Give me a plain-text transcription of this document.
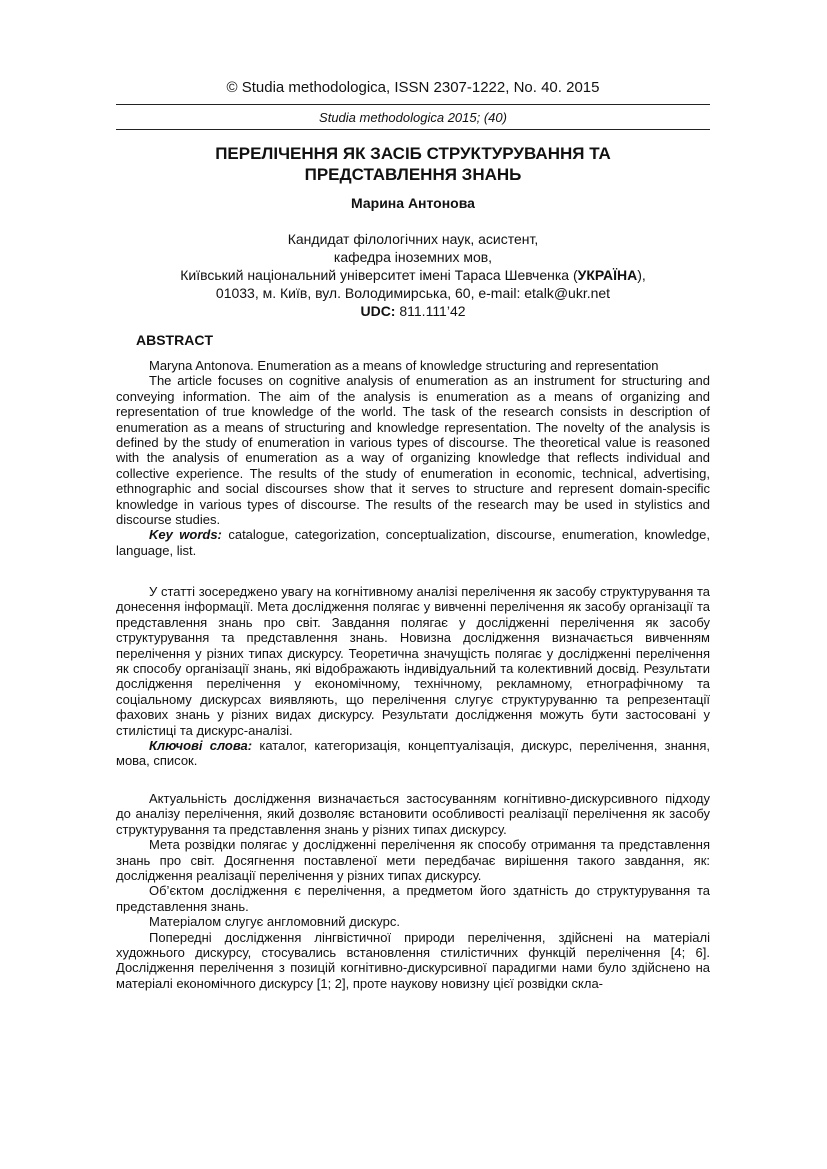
© Studia methodologica, ISSN 2307-1222, No. 40. 2015
Studia methodologica 2015; (40)
ПЕРЕЛІЧЕННЯ ЯК ЗАСІБ СТРУКТУРУВАННЯ ТА
ПРЕДСТАВЛЕННЯ ЗНАНЬ
Марина Антонова
Кандидат філологічних наук, асистент,
кафедра іноземних мов,
Київський національний університет імені Тараса Шевченка (УКРАЇНА),
01033, м. Київ, вул. Володимирська, 60, e-mail: etalk@ukr.net
UDC: 811.111’42
ABSTRACT

Maryna Antonova. Enumeration as a means of knowledge structuring and representation

The article focuses on cognitive analysis of enumeration as an instrument for structuring and conveying information. The aim of the analysis is enumeration as a means of organizing and representation of true knowledge of the world. The task of the research consists in description of enumeration as a means of structuring and knowledge representation. The novelty of the analysis is defined by the study of enumeration in various types of discourse. The theoretical value is reasoned with the analysis of enumeration as a way of organizing knowledge that reflects individual and collective experience. The results of the study of enumeration in economic, technical, advertising, ethnographic and social discourses show that it serves to structure and represent domain-specific knowledge in various types of discourse. The results of the research may be used in stylistics and discourse studies.

Key words: catalogue, categorization, conceptualization, discourse, enumeration, knowledge, language, list.

У статті зосереджено увагу на когнітивному аналізі перелічення як засобу структурування та донесення інформації. Мета дослідження полягає у вивченні перелічення як засобу організації та представлення знань про світ. Завдання полягає у дослідженні перелічення як засобу структурування та представлення знань. Новизна дослідження визначається вивченням перелічення у різних типах дискурсу. Теоретична значущість полягає у дослідженні перелічення як способу організації знань, які відображають індивідуальний та колективний досвід. Результати дослідження перелічення у економічному, технічному, рекламному, етнографічному та соціальному дискурсах виявляють, що перелічення слугує структуруванню та репрезентації фахових знань у різних видах дискурсу. Результати дослідження можуть бути застосовані у стилістиці та дискурс-аналізі.

Ключові слова: каталог, категоризація, концептуалізація, дискурс, перелічення, знання, мова, список.

Актуальність дослідження визначається застосуванням когнітивно-дискурсивного підходу до аналізу перелічення, який дозволяє встановити особливості реалізації перелічення як засобу структурування та представлення знань у різних типах дискурсу.

Мета розвідки полягає у дослідженні перелічення як способу отримання та представлення знань про світ. Досягнення поставленої мети передбачає вирішення такого завдання, як: дослідження реалізації перелічення у різних типах дискурсу.

Об’єктом дослідження є перелічення, а предметом його здатність до структурування та представлення знань.

Матеріалом слугує англомовний дискурс.

Попередні дослідження лінгвістичної природи перелічення, здійснені на матеріалі художнього дискурсу, стосувались встановлення стилістичних функцій перелічення [4; 6]. Дослідження перелічення з позицій когнітивно-дискурсивної парадигми нами було здійснено на матеріалі економічного дискурсу [1; 2], проте наукову новизну цієї розвідки скла-
